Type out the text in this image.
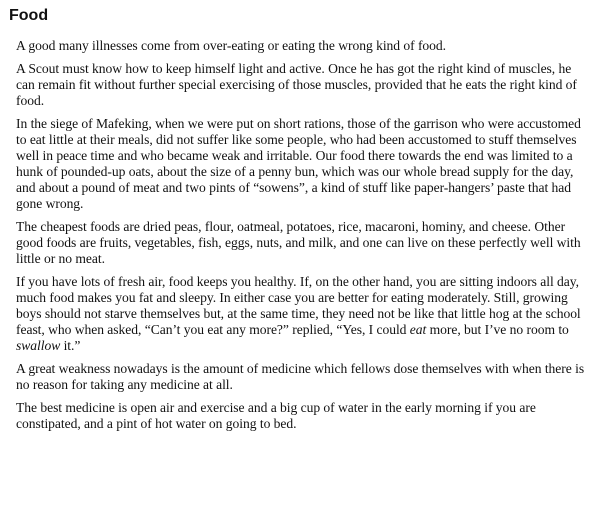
Food

A good many illnesses come from over-eating or eating the wrong kind of food.

A Scout must know how to keep himself light and active. Once he has got the right kind of muscles, he can remain fit without further special exercising of those muscles, provided that he eats the right kind of food.

In the siege of Mafeking, when we were put on short rations, those of the garrison who were accustomed to eat little at their meals, did not suffer like some people, who had been accustomed to stuff themselves well in peace time and who became weak and irritable. Our food there towards the end was limited to a hunk of pounded-up oats, about the size of a penny bun, which was our whole bread supply for the day, and about a pound of meat and two pints of “sowens”, a kind of stuff like paper-hangers’ paste that had gone wrong.

The cheapest foods are dried peas, flour, oatmeal, potatoes, rice, macaroni, hominy, and cheese. Other good foods are fruits, vegetables, fish, eggs, nuts, and milk, and one can live on these perfectly well with little or no meat.

If you have lots of fresh air, food keeps you healthy. If, on the other hand, you are sitting indoors all day, much food makes you fat and sleepy. In either case you are better for eating moderately. Still, growing boys should not starve themselves but, at the same time, they need not be like that little hog at the school feast, who when asked, “Can’t you eat any more?” replied, “Yes, I could eat more, but I’ve no room to swallow it.”

A great weakness nowadays is the amount of medicine which fellows dose themselves with when there is no reason for taking any medicine at all.

The best medicine is open air and exercise and a big cup of water in the early morning if you are constipated, and a pint of hot water on going to bed.
